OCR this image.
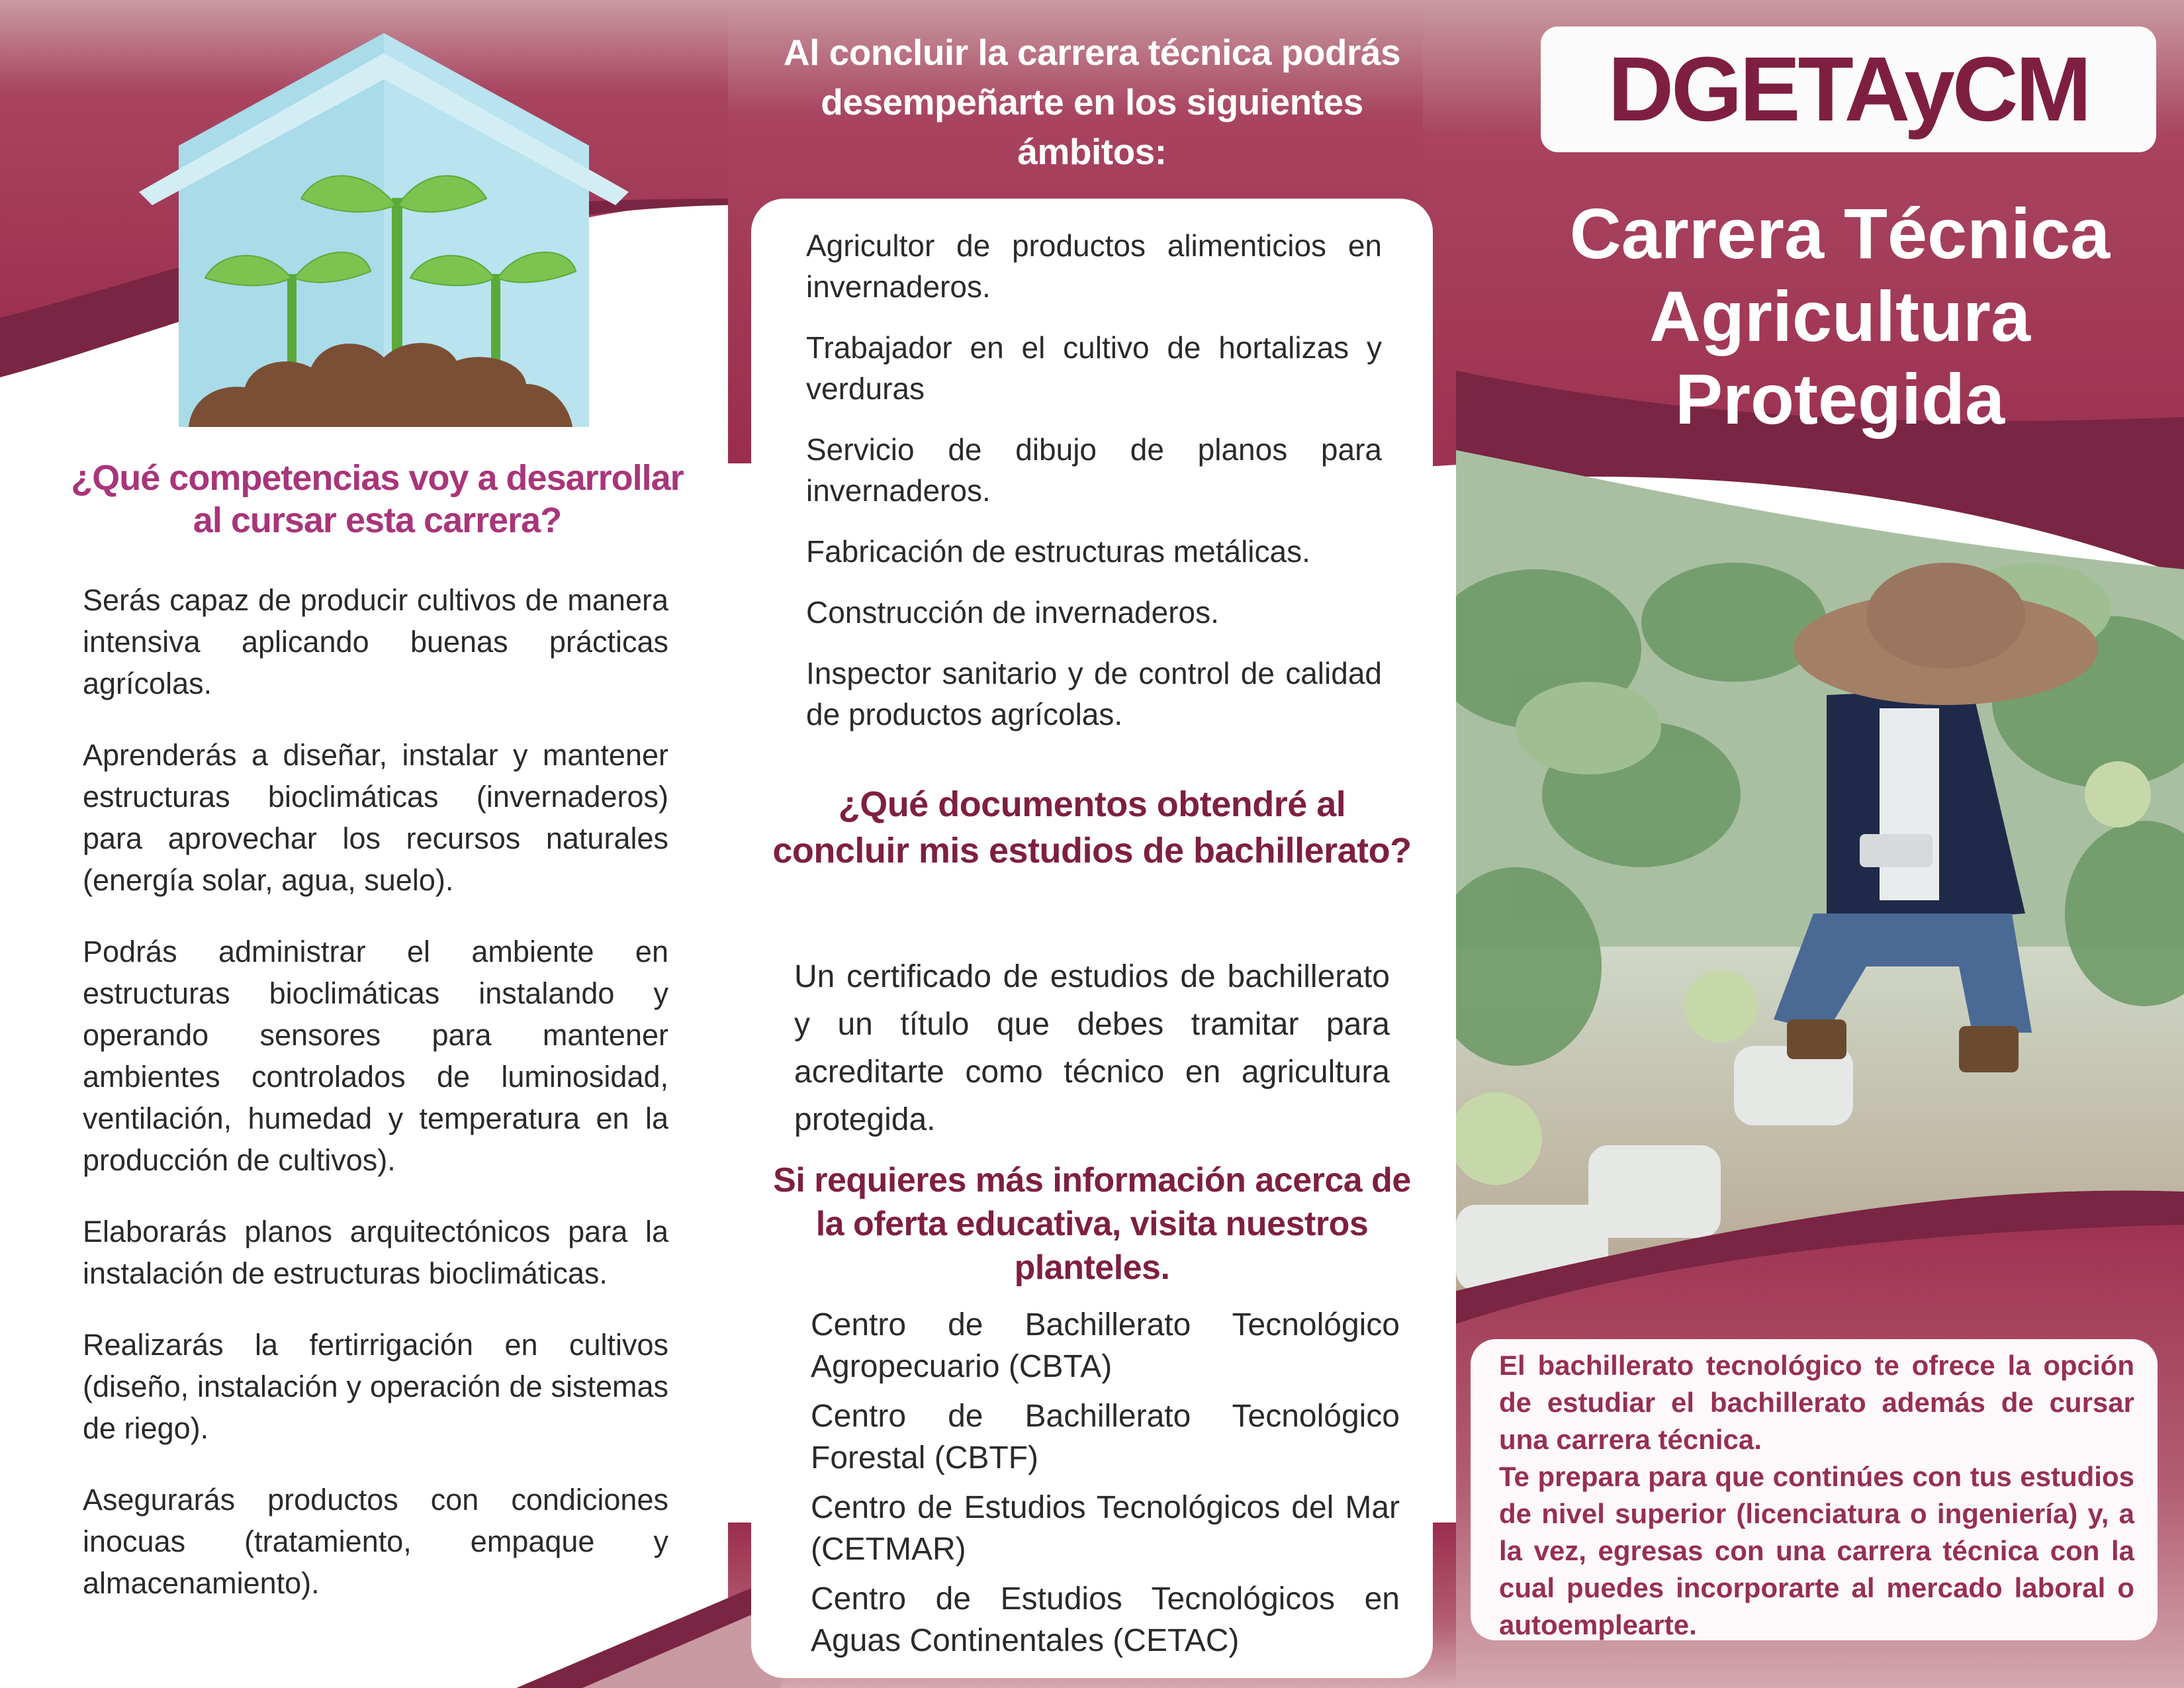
¿Qué competencias voy a desarrollar al cursar esta carrera?

Serás capaz de producir cultivos de manera intensiva aplicando buenas prácticas agrícolas.

Aprenderás a diseñar, instalar y mantener estructuras bioclimáticas (invernaderos) para aprovechar los recursos naturales (energía solar, agua, suelo).

Podrás administrar el ambiente en estructuras bioclimáticas instalando y operando sensores para mantener ambientes controlados de luminosidad, ventilación, humedad y temperatura en la producción de cultivos).

Elaborarás planos arquitectónicos para la instalación de estructuras bioclimáticas.

Realizarás la fertirrigación en cultivos (diseño, instalación y operación de sistemas de riego).

Asegurarás productos con condiciones inocuas (tratamiento, empaque y almacenamiento).

Al concluir la carrera técnica podrás desempeñarte en los siguientes ámbitos:

Agricultor de productos alimenticios en invernaderos.

Trabajador en el cultivo de hortalizas y verduras

Servicio de dibujo de planos para invernaderos.

Fabricación de estructuras metálicas.

Construcción de invernaderos.

Inspector sanitario y de control de calidad de productos agrícolas.

¿Qué documentos obtendré al concluir mis estudios de bachillerato?
Un certificado de estudios de bachillerato y un título que debes tramitar para acreditarte como técnico en agricultura protegida.
Si requieres más información acerca de la oferta educativa, visita nuestros planteles.

Centro de Bachillerato Tecnológico Agropecuario (CBTA)

Centro de Bachillerato Tecnológico Forestal (CBTF)

Centro de Estudios Tecnológicos del Mar (CETMAR)

Centro de Estudios Tecnológicos en Aguas Continentales (CETAC)

DGETAyCM
Carrera Técnica Agricultura Protegida

El bachillerato tecnológico te ofrece la opción de estudiar el bachillerato además de cursar una carrera técnica.

Te prepara para que continúes con tus estudios de nivel superior (licenciatura o ingeniería) y, a la vez, egresas con una carrera técnica con la cual puedes incorporarte al mercado laboral o autoemplearte.
